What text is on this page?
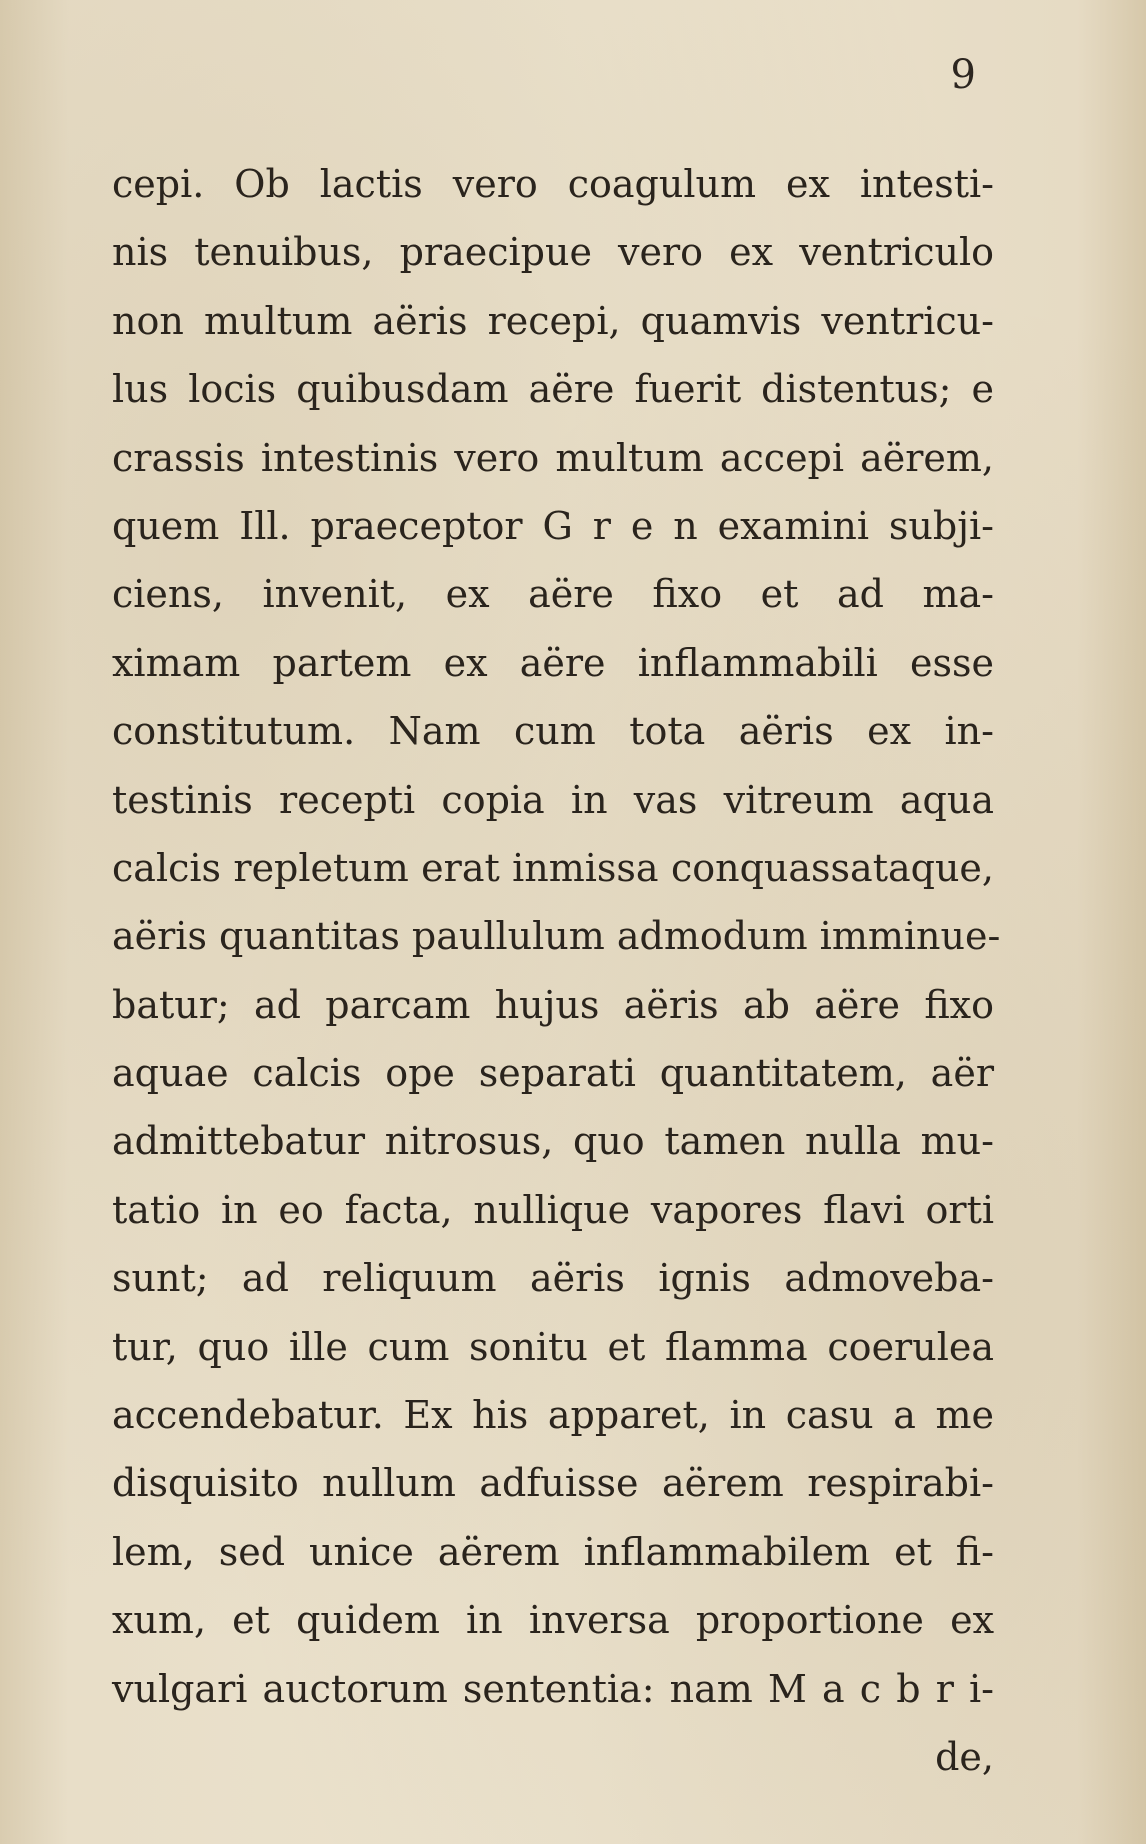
9
cepi. Ob lactis vero coagulum ex intesti-
nis tenuibus, praecipue vero ex ventriculo
non multum aëris recepi, quamvis ventricu-
lus locis quibusdam aëre fuerit distentus; e
crassis intestinis vero multum accepi aërem,
quem Ill. praeceptor G r e n examini subji-
ciens, invenit, ex aëre fixo et ad ma-
ximam partem ex aëre inflammabili esse
constitutum. Nam cum tota aëris ex in-
testinis recepti copia in vas vitreum aqua
calcis repletum erat inmissa conquassataque,
aëris quantitas paullulum admodum imminue-
batur; ad parcam hujus aëris ab aëre fixo
aquae calcis ope separati quantitatem, aër
admittebatur nitrosus, quo tamen nulla mu-
tatio in eo facta, nullique vapores flavi orti
sunt; ad reliquum aëris ignis admoveba-
tur, quo ille cum sonitu et flamma coerulea
accendebatur. Ex his apparet, in casu a me
disquisito nullum adfuisse aërem respirabi-
lem, sed unice aërem inflammabilem et fi-
xum, et quidem in inversa proportione ex
vulgari auctorum sententia: nam M a c b r i-
de,
